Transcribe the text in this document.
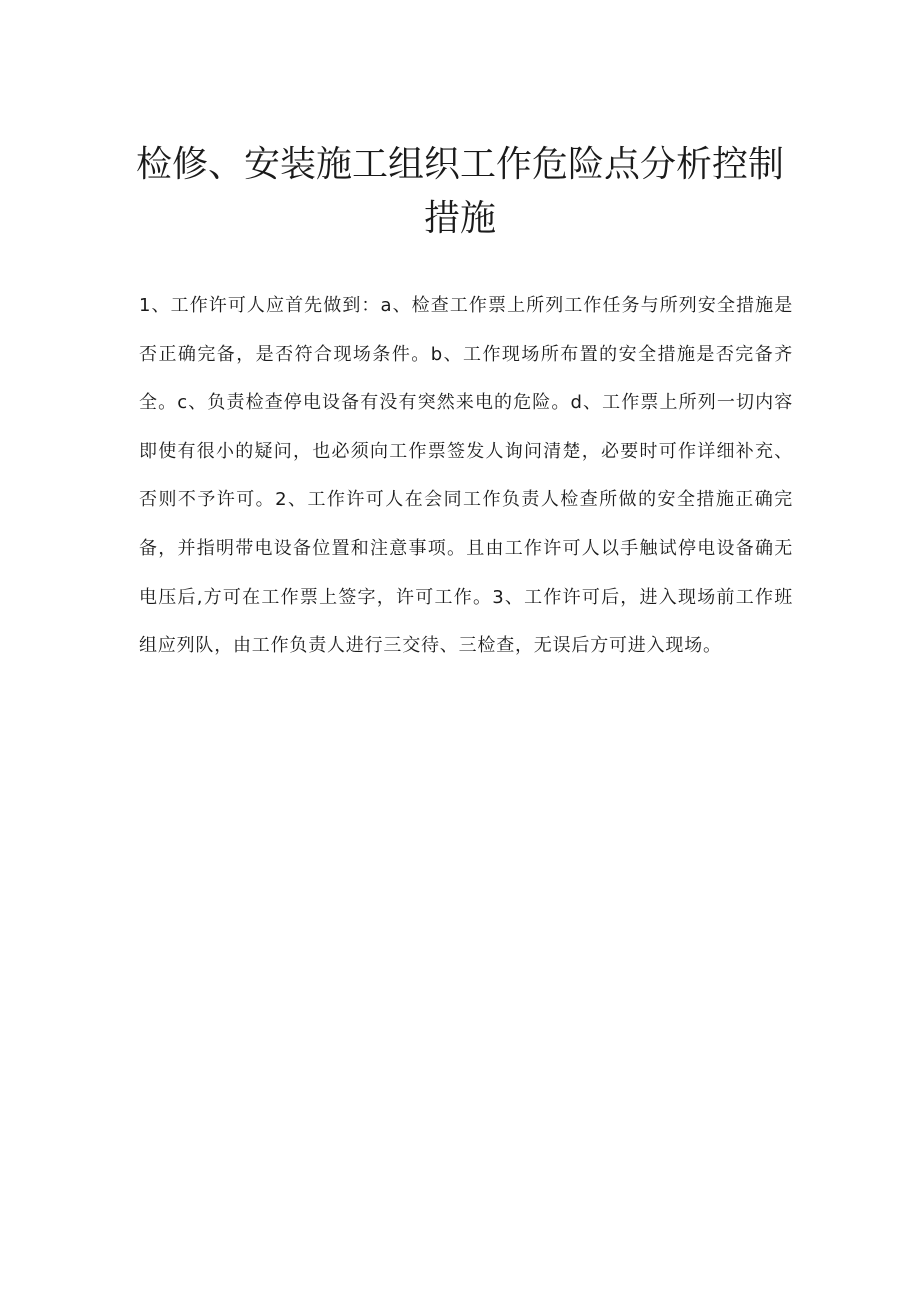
检修、安装施工组织工作危险点分析控制措施

1、工作许可人应首先做到：a、检查工作票上所列工作任务与所列安全措施是否正确完备，是否符合现场条件。b、工作现场所布置的安全措施是否完备齐全。c、负责检查停电设备有没有突然来电的危险。d、工作票上所列一切内容即使有很小的疑问，也必须向工作票签发人询问清楚，必要时可作详细补充、否则不予许可。2、工作许可人在会同工作负责人检查所做的安全措施正确完备，并指明带电设备位置和注意事项。且由工作许可人以手触试停电设备确无电压后,方可在工作票上签字，许可工作。3、工作许可后，进入现场前工作班组应列队，由工作负责人进行三交待、三检查，无误后方可进入现场。
